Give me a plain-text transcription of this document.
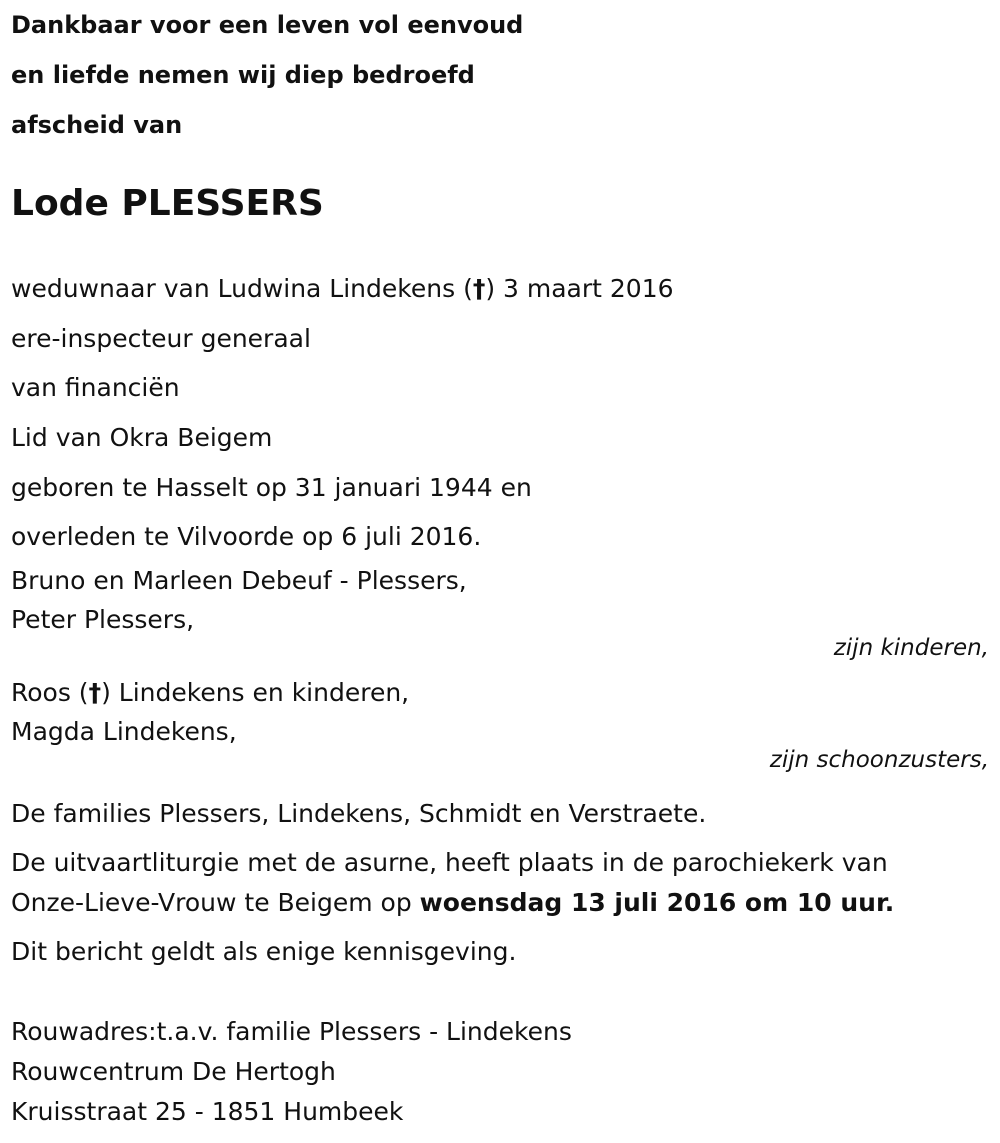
Dankbaar voor een leven vol eenvoud
en liefde nemen wij diep bedroefd
afscheid van
Lode PLESSERS
weduwnaar van Ludwina Lindekens (†) 3 maart 2016
ere-inspecteur generaal
van financiën
Lid van Okra Beigem
geboren te Hasselt op 31 januari 1944 en
overleden te Vilvoorde op 6 juli 2016.
Bruno en Marleen Debeuf - Plessers,
Peter Plessers,
zijn kinderen,
Roos (†) Lindekens en kinderen,
Magda Lindekens,
zijn schoonzusters,
De families Plessers, Lindekens, Schmidt en Verstraete.
De uitvaartliturgie met de asurne, heeft plaats in de parochiekerk van
Onze-Lieve-Vrouw te Beigem op woensdag 13 juli 2016 om 10 uur.
Dit bericht geldt als enige kennisgeving.
Rouwadres:t.a.v. familie Plessers - Lindekens
Rouwcentrum De Hertogh
Kruisstraat 25 - 1851 Humbeek
